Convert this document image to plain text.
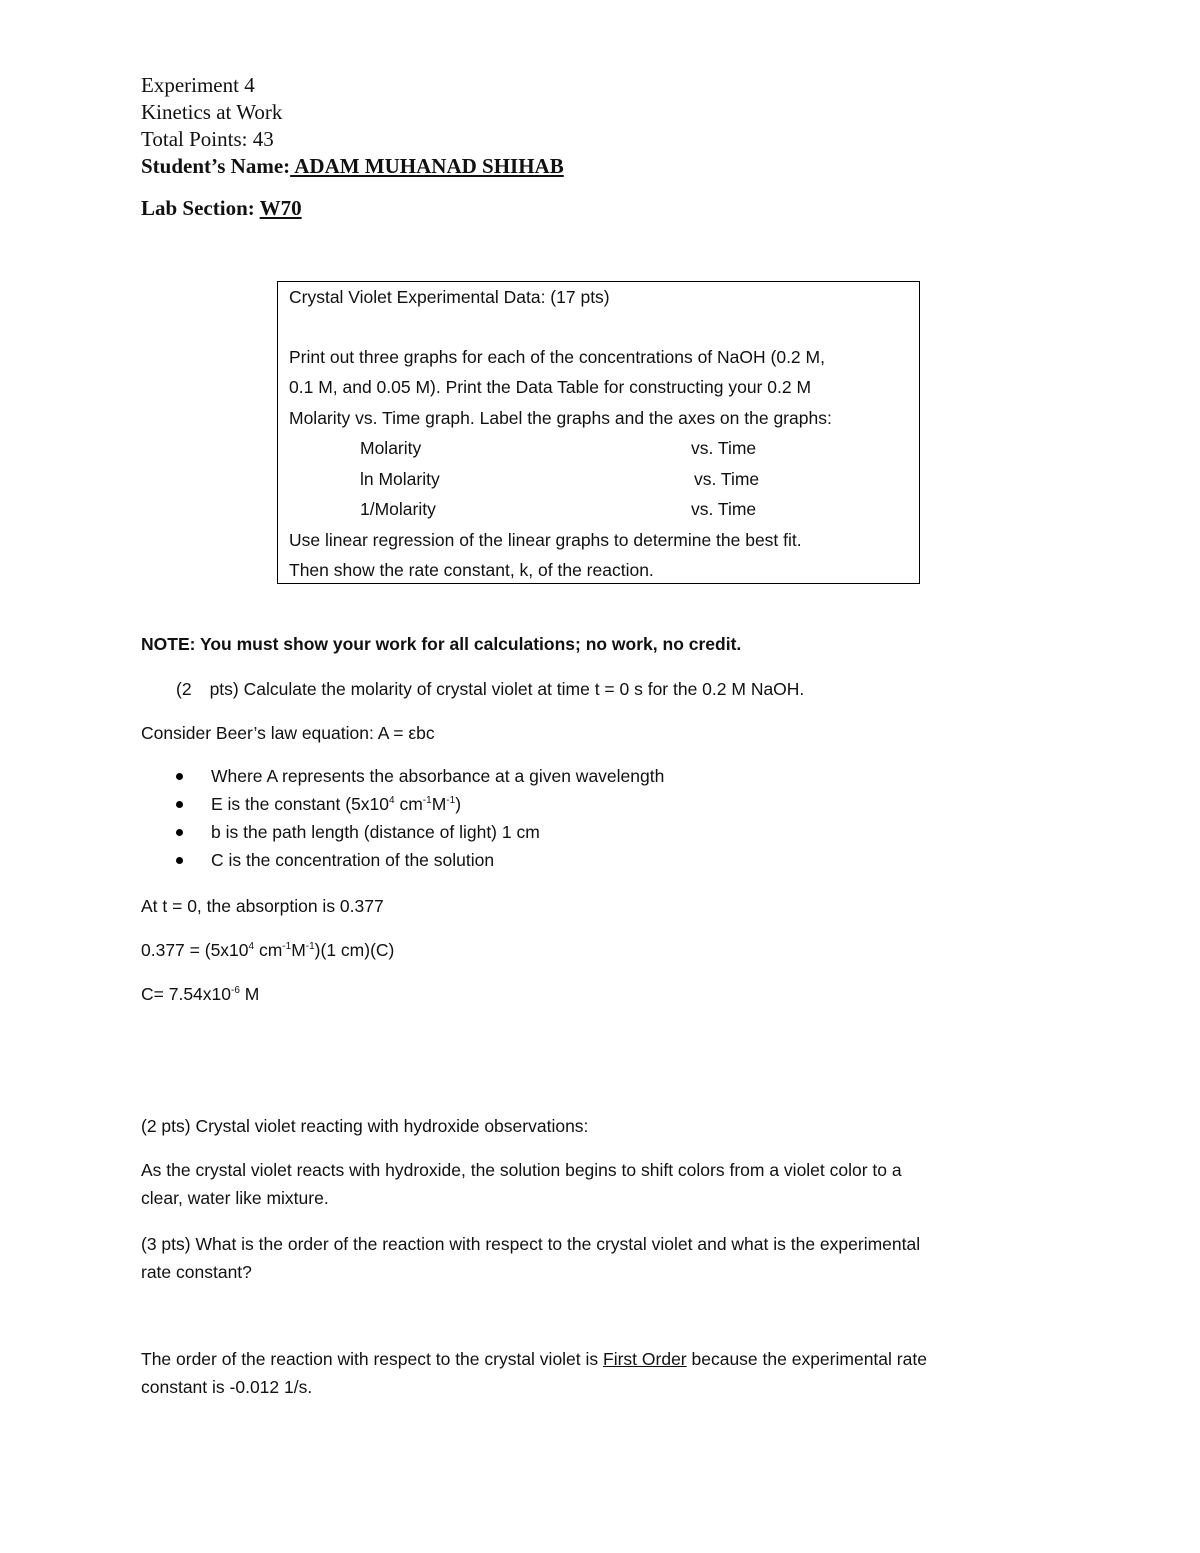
Experiment 4
Kinetics at Work
Total Points: 43
Student’s Name: ADAM MUHANAD SHIHAB
Lab Section: W70
Crystal Violet Experimental Data: (17 pts)
Print out three graphs for each of the concentrations of NaOH (0.2 M,
0.1 M, and 0.05 M). Print the Data Table for constructing your 0.2 M
Molarity vs. Time graph. Label the graphs and the axes on the graphs:
Molarity	vs. Time
ln Molarity	vs. Time
1/Molarity	vs. Time
Use linear regression of the linear graphs to determine the best fit.
Then show the rate constant, k, of the reaction.
NOTE: You must show your work for all calculations; no work, no credit.
(2 pts) Calculate the molarity of crystal violet at time t = 0 s for the 0.2 M NaOH.
Consider Beer’s law equation: A = εbc
Where A represents the absorbance at a given wavelength
E is the constant ($5x10^4$ $cm^{-1}M^{-1}$)
b is the path length (distance of light) 1 cm
C is the concentration of the solution
At t = 0, the absorption is 0.377
$0.377 = (5x10^4$ $cm^{-1}M^{-1})(1$ cm)(C)
$C= 7.54x10^{-6}$ M
(2 pts) Crystal violet reacting with hydroxide observations:
As the crystal violet reacts with hydroxide, the solution begins to shift colors from a violet color to a
clear, water like mixture.
(3 pts) What is the order of the reaction with respect to the crystal violet and what is the experimental
rate constant?
The order of the reaction with respect to the crystal violet is First Order because the experimental rate
constant is -0.012 1/s.
